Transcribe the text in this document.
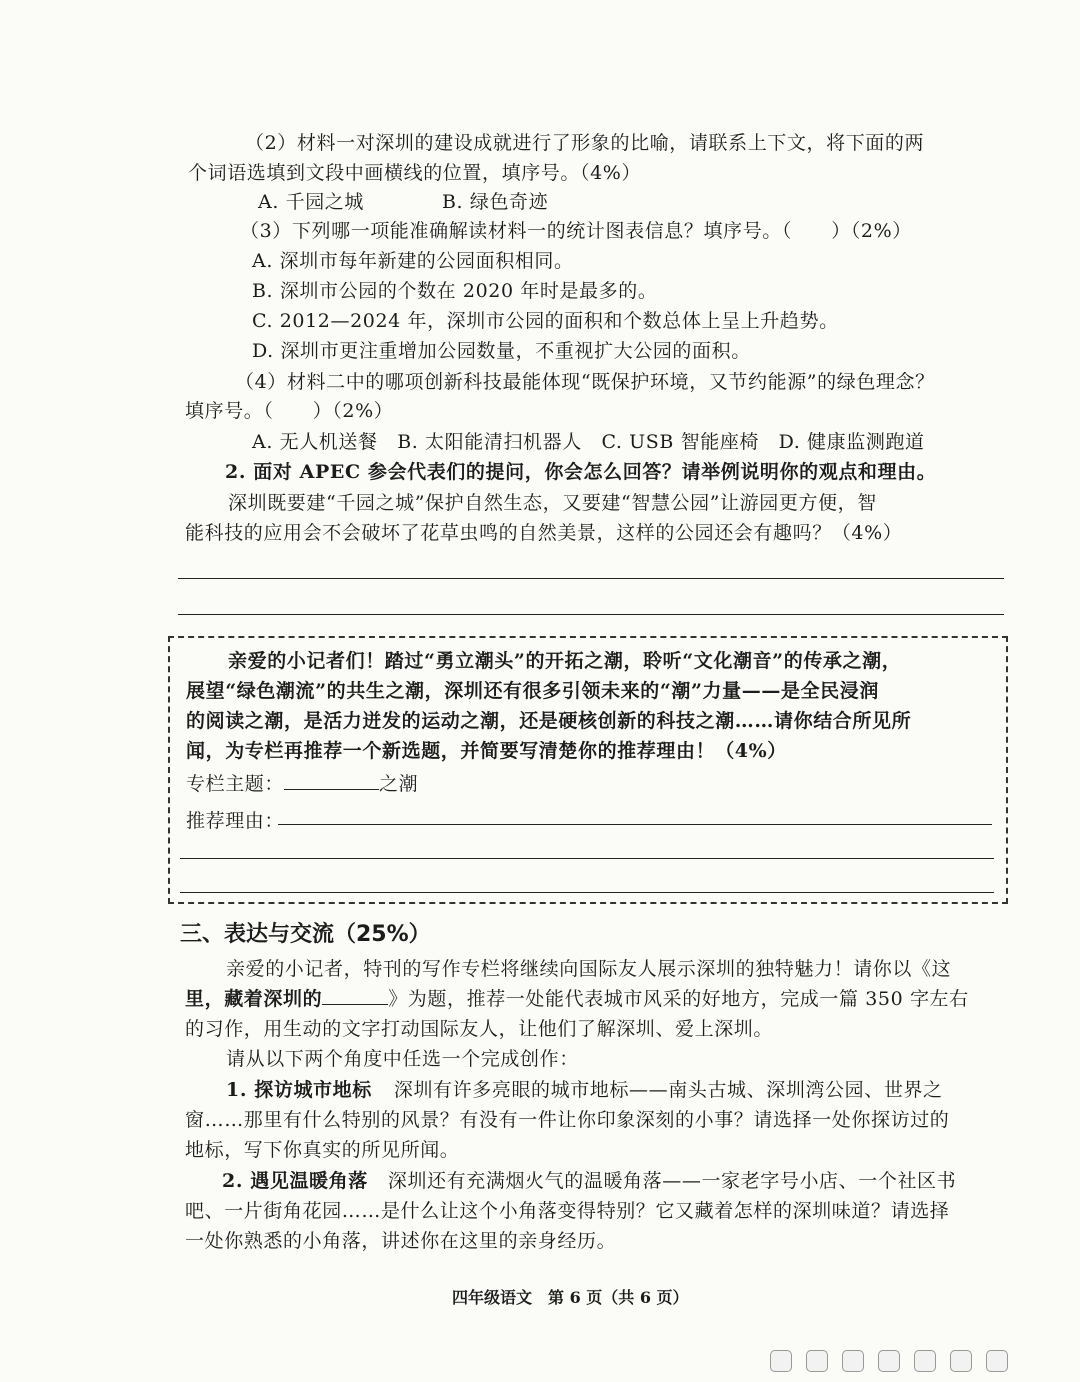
（2）材料一对深圳的建设成就进行了形象的比喻，请联系上下文，将下面的两
个词语选填到文段中画横线的位置，填序号。（4%）
A. 千园之城	B. 绿色奇迹
（3）下列哪一项能准确解读材料一的统计图表信息？填序号。（　　）（2%）
A. 深圳市每年新建的公园面积相同。
B. 深圳市公园的个数在 2020 年时是最多的。
C. 2012—2024 年，深圳市公园的面积和个数总体上呈上升趋势。
D. 深圳市更注重增加公园数量，不重视扩大公园的面积。
（4）材料二中的哪项创新科技最能体现“既保护环境，又节约能源”的绿色理念？
填序号。（　　）（2%）
A. 无人机送餐　B. 太阳能清扫机器人　C. USB 智能座椅　D. 健康监测跑道
2. 面对 APEC 参会代表们的提问，你会怎么回答？请举例说明你的观点和理由。
深圳既要建“千园之城”保护自然生态，又要建“智慧公园”让游园更方便，智
能科技的应用会不会破坏了花草虫鸣的自然美景，这样的公园还会有趣吗？（4%）
亲爱的小记者们！踏过“勇立潮头”的开拓之潮，聆听“文化潮音”的传承之潮，
展望“绿色潮流”的共生之潮，深圳还有很多引领未来的“潮”力量——是全民浸润
的阅读之潮，是活力迸发的运动之潮，还是硬核创新的科技之潮……请你结合所见所
闻，为专栏再推荐一个新选题，并简要写清楚你的推荐理由！（4%）
专栏主题：	之潮
推荐理由：
三、表达与交流（25%）
亲爱的小记者，特刊的写作专栏将继续向国际友人展示深圳的独特魅力！请你以《这
里，藏着深圳的	》为题，推荐一处能代表城市风采的好地方，完成一篇 350 字左右
的习作，用生动的文字打动国际友人，让他们了解深圳、爱上深圳。
请从以下两个角度中任选一个完成创作：
1. 探访城市地标 深圳有许多亮眼的城市地标——南头古城、深圳湾公园、世界之
窗……那里有什么特别的风景？有没有一件让你印象深刻的小事？请选择一处你探访过的
地标，写下你真实的所见所闻。
2. 遇见温暖角落 深圳还有充满烟火气的温暖角落——一家老字号小店、一个社区书
吧、一片街角花园……是什么让这个小角落变得特别？它又藏着怎样的深圳味道？请选择
一处你熟悉的小角落，讲述你在这里的亲身经历。
四年级语文　第 6 页（共 6 页）
